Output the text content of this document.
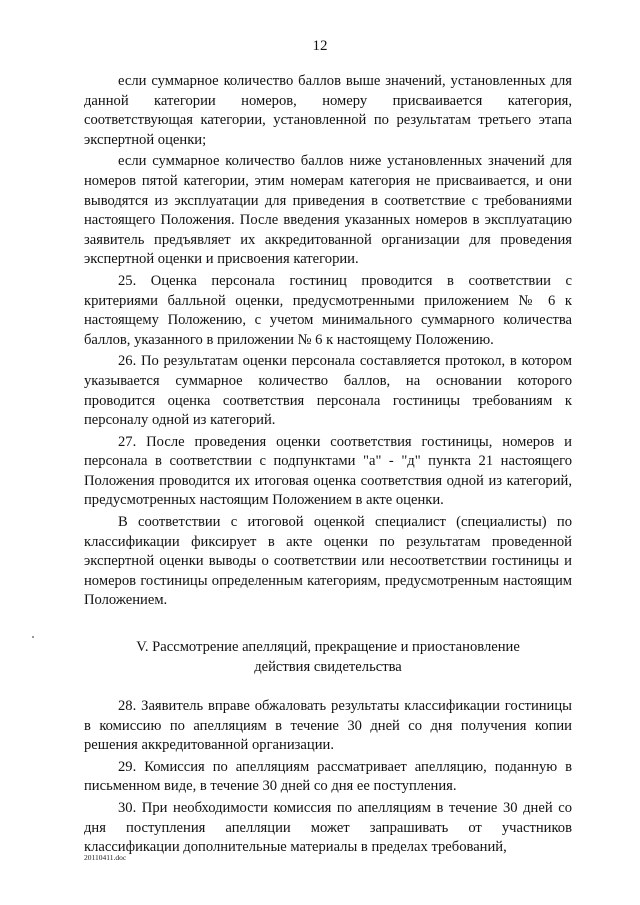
12

если суммарное количество баллов выше значений, установленных для данной категории номеров, номеру присваивается категория, соответствующая категории, установленной по результатам третьего этапа экспертной оценки;

если суммарное количество баллов ниже установленных значений для номеров пятой категории, этим номерам категория не присваивается, и они выводятся из эксплуатации для приведения в соответствие с требованиями настоящего Положения. После введения указанных номеров в эксплуатацию заявитель предъявляет их аккредитованной организации для проведения экспертной оценки и присвоения категории.

25. Оценка персонала гостиниц проводится в соответствии с критериями балльной оценки, предусмотренными приложением № 6 к настоящему Положению, с учетом минимального суммарного количества баллов, указанного в приложении № 6 к настоящему Положению.

26. По результатам оценки персонала составляется протокол, в котором указывается суммарное количество баллов, на основании которого проводится оценка соответствия персонала гостиницы требованиям к персоналу одной из категорий.

27. После проведения оценки соответствия гостиницы, номеров и персонала в соответствии с подпунктами "а" - "д" пункта 21 настоящего Положения проводится их итоговая оценка соответствия одной из категорий, предусмотренных настоящим Положением в акте оценки.

В соответствии с итоговой оценкой специалист (специалисты) по классификации фиксирует в акте оценки по результатам проведенной экспертной оценки выводы о соответствии или несоответствии гостиницы и номеров гостиницы определенным категориям, предусмотренным настоящим Положением.

V. Рассмотрение апелляций, прекращение и приостановление
действия свидетельства

28. Заявитель вправе обжаловать результаты классификации гостиницы в комиссию по апелляциям в течение 30 дней со дня получения копии решения аккредитованной организации.

29. Комиссия по апелляциям рассматривает апелляцию, поданную в письменном виде, в течение 30 дней со дня ее поступления.

30. При необходимости комиссия по апелляциям в течение 30 дней со дня поступления апелляции может запрашивать от участников классификации дополнительные материалы в пределах требований,

20110411.doc
